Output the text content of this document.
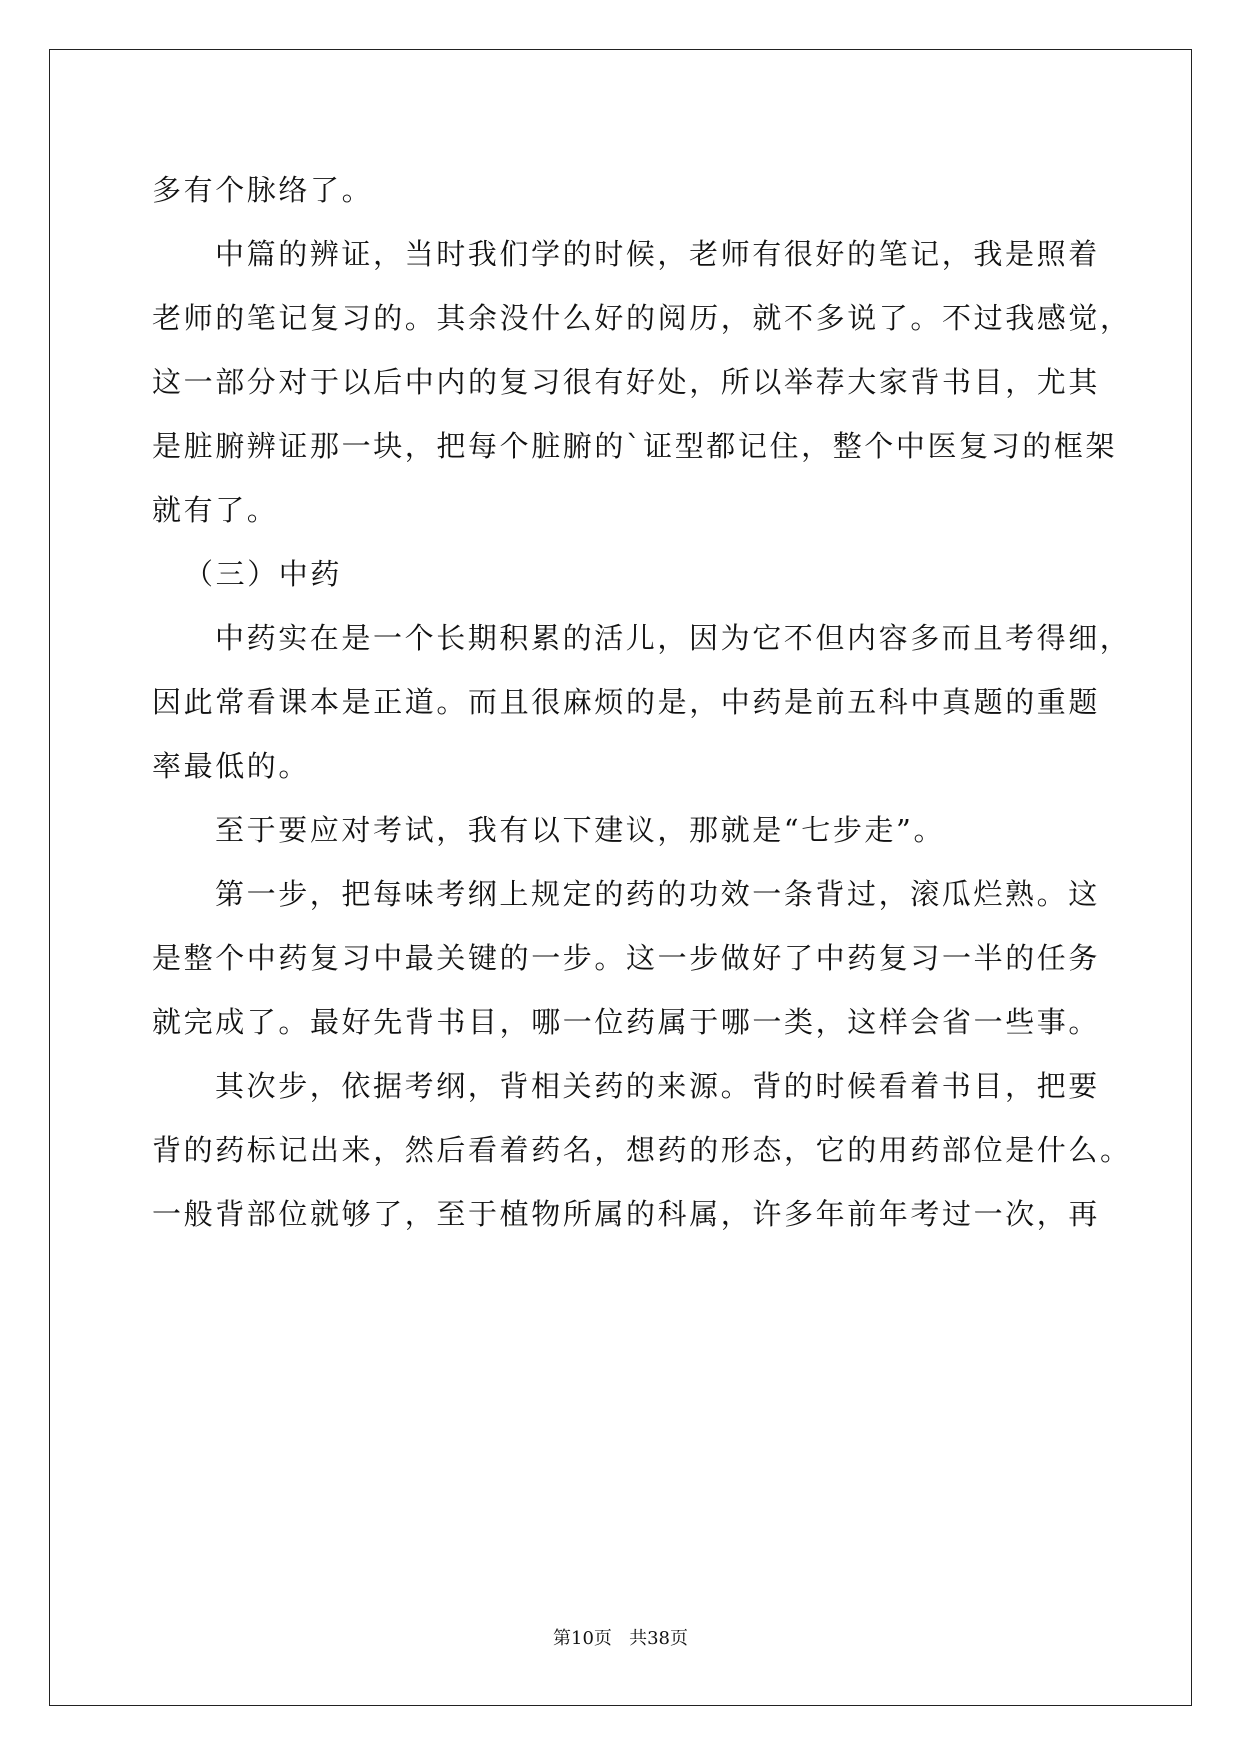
多有个脉络了。
中篇的辨证，当时我们学的时候，老师有很好的笔记，我是照着
老师的笔记复习的。其余没什么好的阅历，就不多说了。不过我感觉，
这一部分对于以后中内的复习很有好处，所以举荐大家背书目，尤其
是脏腑辨证那一块，把每个脏腑的`证型都记住，整个中医复习的框架
就有了。
（三）中药
中药实在是一个长期积累的活儿，因为它不但内容多而且考得细，
因此常看课本是正道。而且很麻烦的是，中药是前五科中真题的重题
率最低的。
至于要应对考试，我有以下建议，那就是“七步走”。
第一步，把每味考纲上规定的药的功效一条背过，滚瓜烂熟。这
是整个中药复习中最关键的一步。这一步做好了中药复习一半的任务
就完成了。最好先背书目，哪一位药属于哪一类，这样会省一些事。
其次步，依据考纲，背相关药的来源。背的时候看着书目，把要
背的药标记出来，然后看着药名，想药的形态，它的用药部位是什么。
一般背部位就够了，至于植物所属的科属，许多年前年考过一次，再
第10页 共38页
